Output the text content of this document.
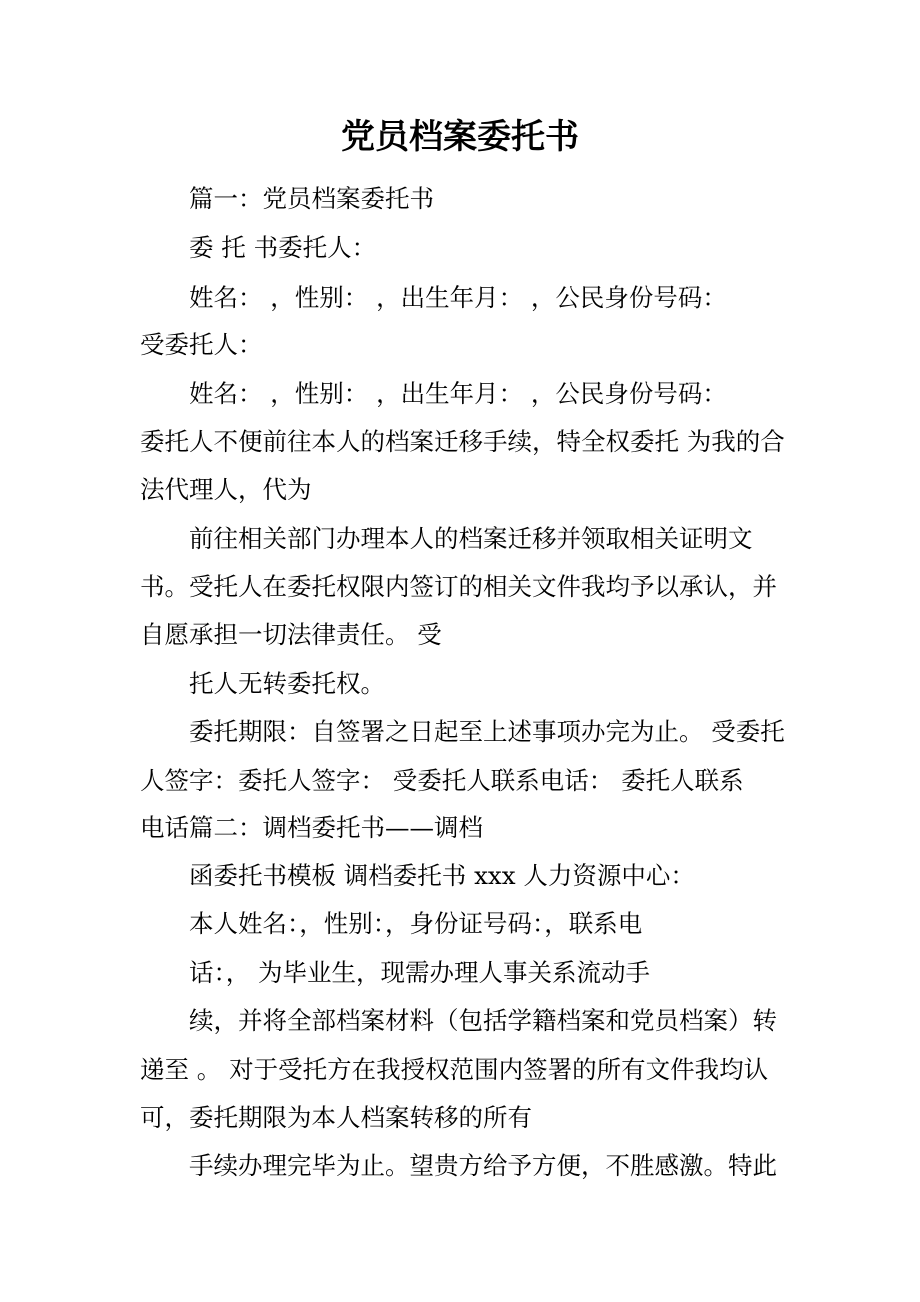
党员档案委托书
篇一：党员档案委托书
委 托 书委托人：
姓名： ，性别： ，出生年月： ，公民身份号码：
受委托人：
姓名： ，性别： ，出生年月： ，公民身份号码：
委托人不便前往本人的档案迁移手续，特全权委托 为我的合
法代理人，代为
前往相关部门办理本人的档案迁移并领取相关证明文
书。受托人在委托权限内签订的相关文件我均予以承认，并
自愿承担一切法律责任。 受
托人无转委托权。
委托期限：自签署之日起至上述事项办完为止。 受委托
人签字：委托人签字： 受委托人联系电话： 委托人联系
电话篇二：调档委托书——调档
函委托书模板 调档委托书 xxx 人力资源中心：
本人姓名：，性别：，身份证号码：，联系电
话：， 为毕业生，现需办理人事关系流动手
续，并将全部档案材料（包括学籍档案和党员档案）转
递至 。 对于受托方在我授权范围内签署的所有文件我均认
可，委托期限为本人档案转移的所有
手续办理完毕为止。望贵方给予方便，不胜感激。特此
